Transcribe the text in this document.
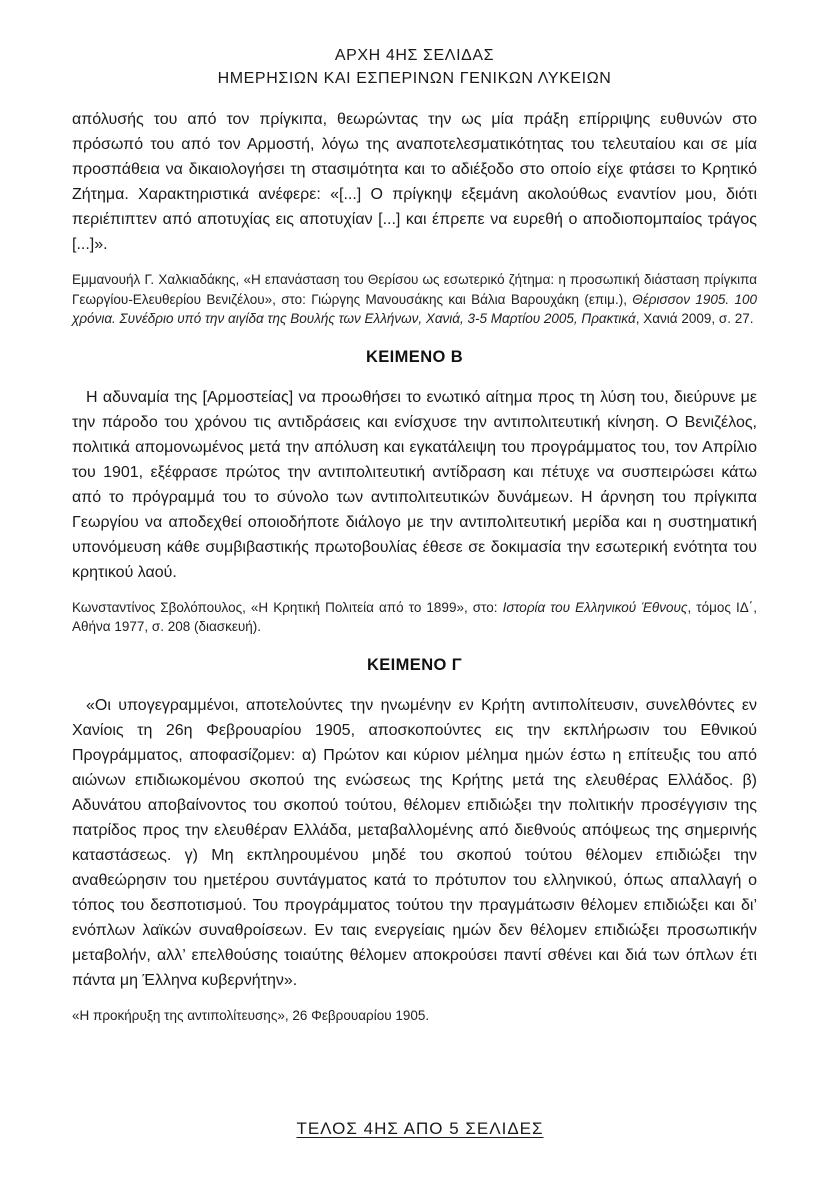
ΑΡΧΗ 4ΗΣ ΣΕΛΙΔΑΣ
ΗΜΕΡΗΣΙΩΝ ΚΑΙ ΕΣΠΕΡΙΝΩΝ ΓΕΝΙΚΩΝ ΛΥΚΕΙΩΝ

απόλυσής του από τον πρίγκιπα, θεωρώντας την ως μία πράξη επίρριψης ευθυνών στο πρόσωπό του από τον Αρμοστή, λόγω της αναποτελεσματικότητας του τελευταίου και σε μία προσπάθεια να δικαιολογήσει τη στασιμότητα και το αδιέξοδο στο οποίο είχε φτάσει το Κρητικό Ζήτημα. Χαρακτηριστικά ανέφερε: «[...] Ο πρίγκηψ εξεμάνη ακολούθως εναντίον μου, διότι περιέπιπτεν από αποτυχίας εις αποτυχίαν [...] και έπρεπε να ευρεθή ο αποδιοπομπαίος τράγος [...]».

Εμμανουήλ Γ. Χαλκιαδάκης, «Η επανάσταση του Θερίσου ως εσωτερικό ζήτημα: η προσωπική διάσταση πρίγκιπα Γεωργίου-Ελευθερίου Βενιζέλου», στο: Γιώργης Μανουσάκης και Βάλια Βαρουχάκη (επιμ.), Θέρισσον 1905. 100 χρόνια. Συνέδριο υπό την αιγίδα της Βουλής των Ελλήνων, Χανιά, 3-5 Μαρτίου 2005, Πρακτικά, Χανιά 2009, σ. 27.

ΚΕΙΜΕΝΟ Β

Η αδυναμία της [Αρμοστείας] να προωθήσει το ενωτικό αίτημα προς τη λύση του, διεύρυνε με την πάροδο του χρόνου τις αντιδράσεις και ενίσχυσε την αντιπολιτευτική κίνηση. Ο Βενιζέλος, πολιτικά απομονωμένος μετά την απόλυση και εγκατάλειψη του προγράμματος του, τον Απρίλιο του 1901, εξέφρασε πρώτος την αντιπολιτευτική αντίδραση και πέτυχε να συσπειρώσει κάτω από το πρόγραμμά του το σύνολο των αντιπολιτευτικών δυνάμεων. Η άρνηση του πρίγκιπα Γεωργίου να αποδεχθεί οποιοδήποτε διάλογο με την αντιπολιτευτική μερίδα και η συστηματική υπονόμευση κάθε συμβιβαστικής πρωτοβουλίας έθεσε σε δοκιμασία την εσωτερική ενότητα του κρητικού λαού.

Κωνσταντίνος Σβολόπουλος, «Η Κρητική Πολιτεία από το 1899», στο: Ιστορία του Ελληνικού Έθνους, τόμος ΙΔ΄, Αθήνα 1977, σ. 208 (διασκευή).

ΚΕΙΜΕΝΟ Γ

«Οι υπογεγραμμένοι, αποτελούντες την ηνωμένην εν Κρήτη αντιπολίτευσιν, συνελθόντες εν Χανίοις τη 26η Φεβρουαρίου 1905, αποσκοπούντες εις την εκπλήρωσιν του Εθνικού Προγράμματος, αποφασίζομεν: α) Πρώτον και κύριον μέλημα ημών έστω η επίτευξις του από αιώνων επιδιωκομένου σκοπού της ενώσεως της Κρήτης μετά της ελευθέρας Ελλάδος. β) Αδυνάτου αποβαίνοντος του σκοπού τούτου, θέλομεν επιδιώξει την πολιτικήν προσέγγισιν της πατρίδος προς την ελευθέραν Ελλάδα, μεταβαλλομένης από διεθνούς απόψεως της σημερινής καταστάσεως. γ) Μη εκπληρουμένου μηδέ του σκοπού τούτου θέλομεν επιδιώξει την αναθεώρησιν του ημετέρου συντάγματος κατά το πρότυπον του ελληνικού, όπως απαλλαγή ο τόπος του δεσποτισμού. Του προγράμματος τούτου την πραγμάτωσιν θέλομεν επιδιώξει και δι’ ενόπλων λαϊκών συναθροίσεων. Εν ταις ενεργείαις ημών δεν θέλομεν επιδιώξει προσωπικήν μεταβολήν, αλλ’ επελθούσης τοιαύτης θέλομεν αποκρούσει παντί σθένει και διά των όπλων έτι πάντα μη Έλληνα κυβερνήτην».

«Η προκήρυξη της αντιπολίτευσης», 26 Φεβρουαρίου 1905.

ΤΕΛΟΣ 4ΗΣ ΑΠΟ 5 ΣΕΛΙΔΕΣ
